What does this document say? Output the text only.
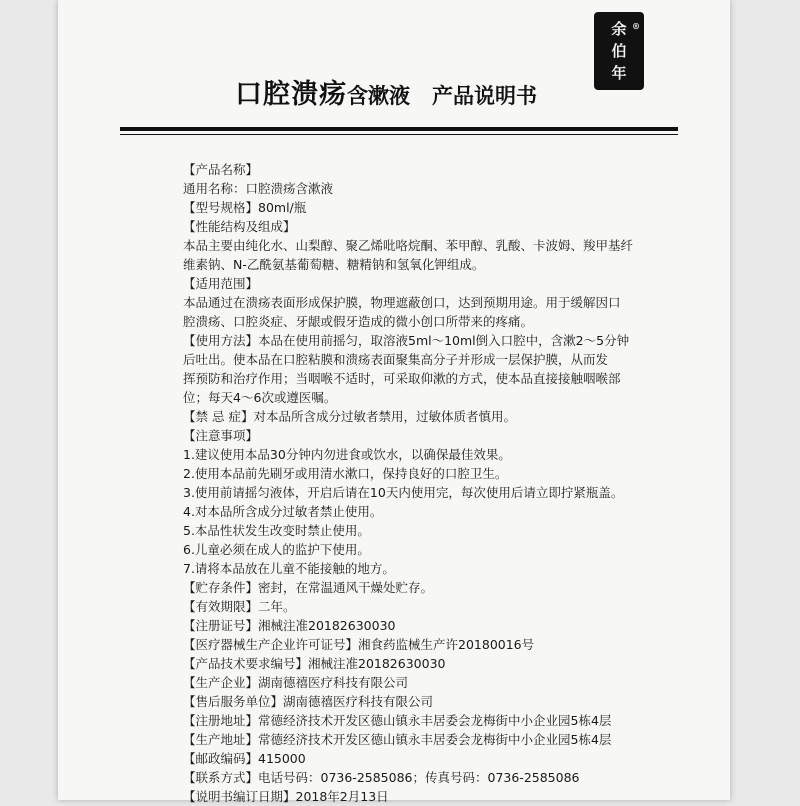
®
余
伯
年
口腔溃疡含漱液 产品说明书
【产品名称】
通用名称：口腔溃疡含漱液
【型号规格】80ml/瓶
【性能结构及组成】
本品主要由纯化水、山梨醇、聚乙烯吡咯烷酮、苯甲醇、乳酸、卡波姆、羧甲基纤
维素钠、N-乙酰氨基葡萄糖、糖精钠和氢氧化钾组成。
【适用范围】
本品通过在溃疡表面形成保护膜，物理遮蔽创口，达到预期用途。用于缓解因口
腔溃疡、口腔炎症、牙龈或假牙造成的微小创口所带来的疼痛。
【使用方法】本品在使用前摇匀，取溶液5ml～10ml倒入口腔中，含漱2～5分钟
后吐出。使本品在口腔粘膜和溃疡表面聚集高分子并形成一层保护膜，从而发
挥预防和治疗作用；当咽喉不适时，可采取仰漱的方式，使本品直接接触咽喉部
位；每天4～6次或遵医嘱。
【禁 忌 症】对本品所含成分过敏者禁用，过敏体质者慎用。
【注意事项】
1.建议使用本品30分钟内勿进食或饮水，以确保最佳效果。
2.使用本品前先刷牙或用清水漱口，保持良好的口腔卫生。
3.使用前请摇匀液体，开启后请在10天内使用完，每次使用后请立即拧紧瓶盖。
4.对本品所含成分过敏者禁止使用。
5.本品性状发生改变时禁止使用。
6.儿童必须在成人的监护下使用。
7.请将本品放在儿童不能接触的地方。
【贮存条件】密封，在常温通风干燥处贮存。
【有效期限】二年。
【注册证号】湘械注准20182630030
【医疗器械生产企业许可证号】湘食药监械生产许20180016号
【产品技术要求编号】湘械注准20182630030
【生产企业】湖南德禧医疗科技有限公司
【售后服务单位】湖南德禧医疗科技有限公司
【注册地址】常德经济技术开发区德山镇永丰居委会龙梅街中小企业园5栋4层
【生产地址】常德经济技术开发区德山镇永丰居委会龙梅街中小企业园5栋4层
【邮政编码】415000
【联系方式】电话号码：0736-2585086；传真号码：0736-2585086
【说明书编订日期】2018年2月13日
